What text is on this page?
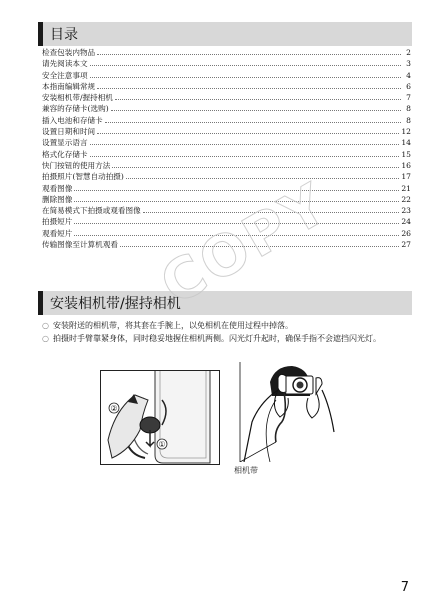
目录
检查包装内物品	2
请先阅读本文	3
安全注意事项	4
本指南编辑常规	6
安装相机带/握持相机	7
兼容的存储卡(选购)	8
插入电池和存储卡	8
设置日期和时间	12
设置显示语言	14
格式化存储卡	15
快门按钮的使用方法	16
拍摄照片(智慧自动拍摄)	17
观看图像	21
删除图像	22
在简易模式下拍摄或观看图像	23
拍摄短片	24
观看短片	26
传输图像至计算机观看	27
安装相机带/握持相机
COPY
○ 安装附送的相机带，将其套在手腕上，以免相机在使用过程中掉落。
○ 拍摄时手臂靠紧身体，同时稳妥地握住相机两侧。闪光灯升起时，确保手指不会遮挡闪光灯。
②
①
相机带
7
